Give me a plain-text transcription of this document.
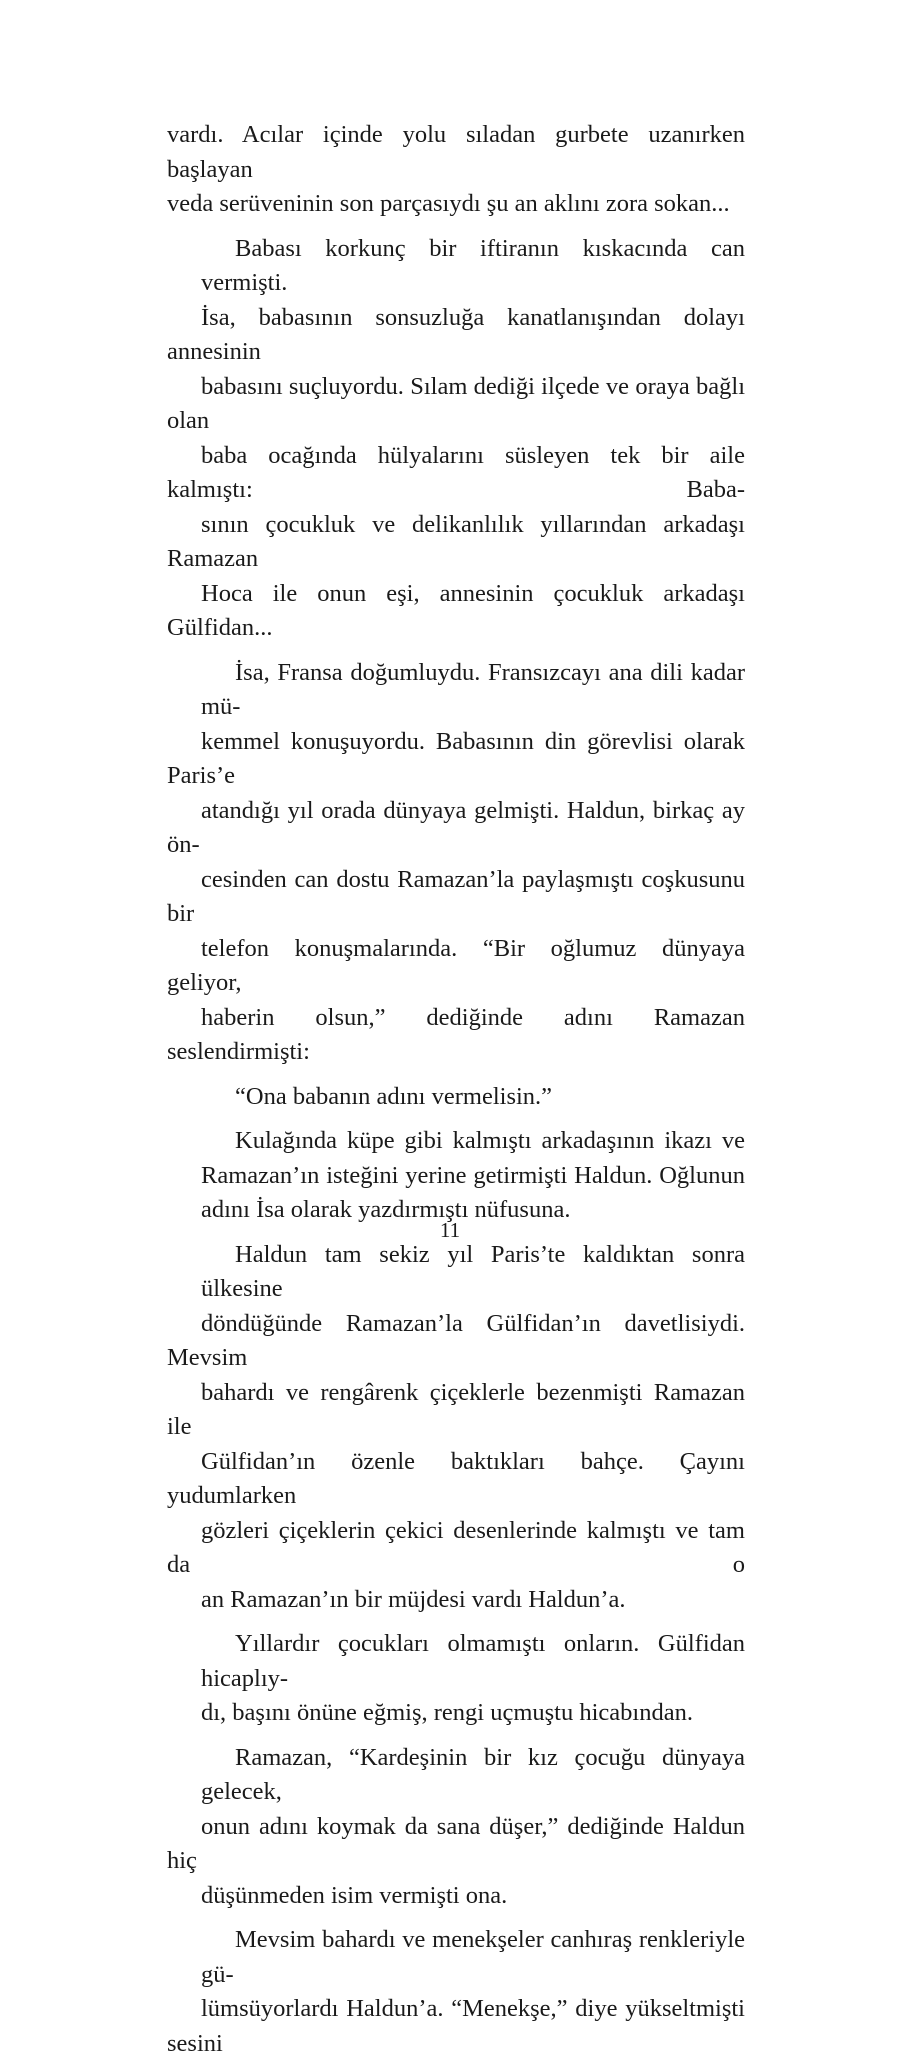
vardı. Acılar içinde yolu sıladan gurbete uzanırken başlayan
veda serüveninin son parçasıydı şu an aklını zora sokan...

Babası korkunç bir iftiranın kıskacında can vermişti.
İsa, babasının sonsuzluğa kanatlanışından dolayı annesinin
babasını suçluyordu. Sılam dediği ilçede ve oraya bağlı olan
baba ocağında hülyalarını süsleyen tek bir aile kalmıştı: Baba-
sının çocukluk ve delikanlılık yıllarından arkadaşı Ramazan
Hoca ile onun eşi, annesinin çocukluk arkadaşı Gülfidan...

İsa, Fransa doğumluydu. Fransızcayı ana dili kadar mü-
kemmel konuşuyordu. Babasının din görevlisi olarak Paris’e
atandığı yıl orada dünyaya gelmişti. Haldun, birkaç ay ön-
cesinden can dostu Ramazan’la paylaşmıştı coşkusunu bir
telefon konuşmalarında. “Bir oğlumuz dünyaya geliyor,
haberin olsun,” dediğinde adını Ramazan seslendirmişti:

“Ona babanın adını vermelisin.”

Kulağında küpe gibi kalmıştı arkadaşının ikazı ve
Ramazan’ın isteğini yerine getirmişti Haldun. Oğlunun
adını İsa olarak yazdırmıştı nüfusuna.

Haldun tam sekiz yıl Paris’te kaldıktan sonra ülkesine
döndüğünde Ramazan’la Gülfidan’ın davetlisiydi. Mevsim
bahardı ve rengârenk çiçeklerle bezenmişti Ramazan ile
Gülfidan’ın özenle baktıkları bahçe. Çayını yudumlarken
gözleri çiçeklerin çekici desenlerinde kalmıştı ve tam da o
an Ramazan’ın bir müjdesi vardı Haldun’a.

Yıllardır çocukları olmamıştı onların. Gülfidan hicaplıy-
dı, başını önüne eğmiş, rengi uçmuştu hicabından.

Ramazan, “Kardeşinin bir kız çocuğu dünyaya gelecek,
onun adını koymak da sana düşer,” dediğinde Haldun hiç
düşünmeden isim vermişti ona.

Mevsim bahardı ve menekşeler canhıraş renkleriyle gü-
lümsüyorlardı Haldun’a. “Menekşe,” diye yükseltmişti sesini

11
